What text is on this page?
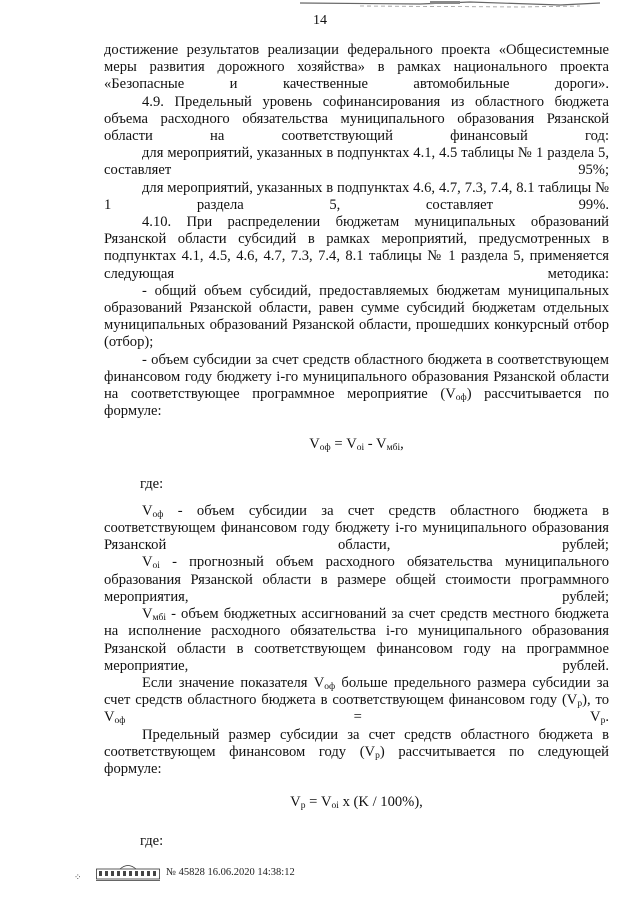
14

достижение результатов реализации федерального проекта «Общесистемные меры развития дорожного хозяйства» в рамках национального проекта «Безопасные и качественные автомобильные дороги».

4.9. Предельный уровень софинансирования из областного бюджета объема расходного обязательства муниципального образования Рязанской области на соответствующий финансовый год:

для мероприятий, указанных в подпунктах 4.1, 4.5 таблицы № 1 раздела 5, составляет 95%;

для мероприятий, указанных в подпунктах 4.6, 4.7, 7.3, 7.4, 8.1 таблицы № 1 раздела 5, составляет 99%.

4.10. При распределении бюджетам муниципальных образований Рязанской области субсидий в рамках мероприятий, предусмотренных в подпунктах 4.1, 4.5, 4.6, 4.7, 7.3, 7.4, 8.1 таблицы № 1 раздела 5, применяется следующая методика:

- общий объем субсидий, предоставляемых бюджетам муниципальных образований Рязанской области, равен сумме субсидий бюджетам отдельных муниципальных образований Рязанской области, прошедших конкурсный отбор (отбор);

- объем субсидии за счет средств областного бюджета в соответствующем финансовом году бюджету i-го муниципального образования Рязанской области на соответствующее программное мероприятие $(V_{оф})$ рассчитывается по формуле:

$V_{оф} = V_{oi} - V_{мбi}$,

где:

$V_{оф}$ - объем субсидии за счет средств областного бюджета в соответствующем финансовом году бюджету i-го муниципального образования Рязанской области, рублей;

$V_{oi}$ - прогнозный объем расходного обязательства муниципального образования Рязанской области в размере общей стоимости программного мероприятия, рублей;

$V_{мбi}$ - объем бюджетных ассигнований за счет средств местного бюджета на исполнение расходного обязательства i-го муниципального образования Рязанской области в соответствующем финансовом году на программное мероприятие, рублей.

Если значение показателя $V_{оф}$ больше предельного размера субсидии за счет средств областного бюджета в соответствующем финансовом году $(V_р)$, то $V_{оф} = V_р$.

Предельный размер субсидии за счет средств областного бюджета в соответствующем финансовом году $(V_р)$ рассчитывается по следующей формуле:

$V_р = V_{oi}$ x (K / 100%),

где:

⁘	№ 45828 16.06.2020 14:38:12
